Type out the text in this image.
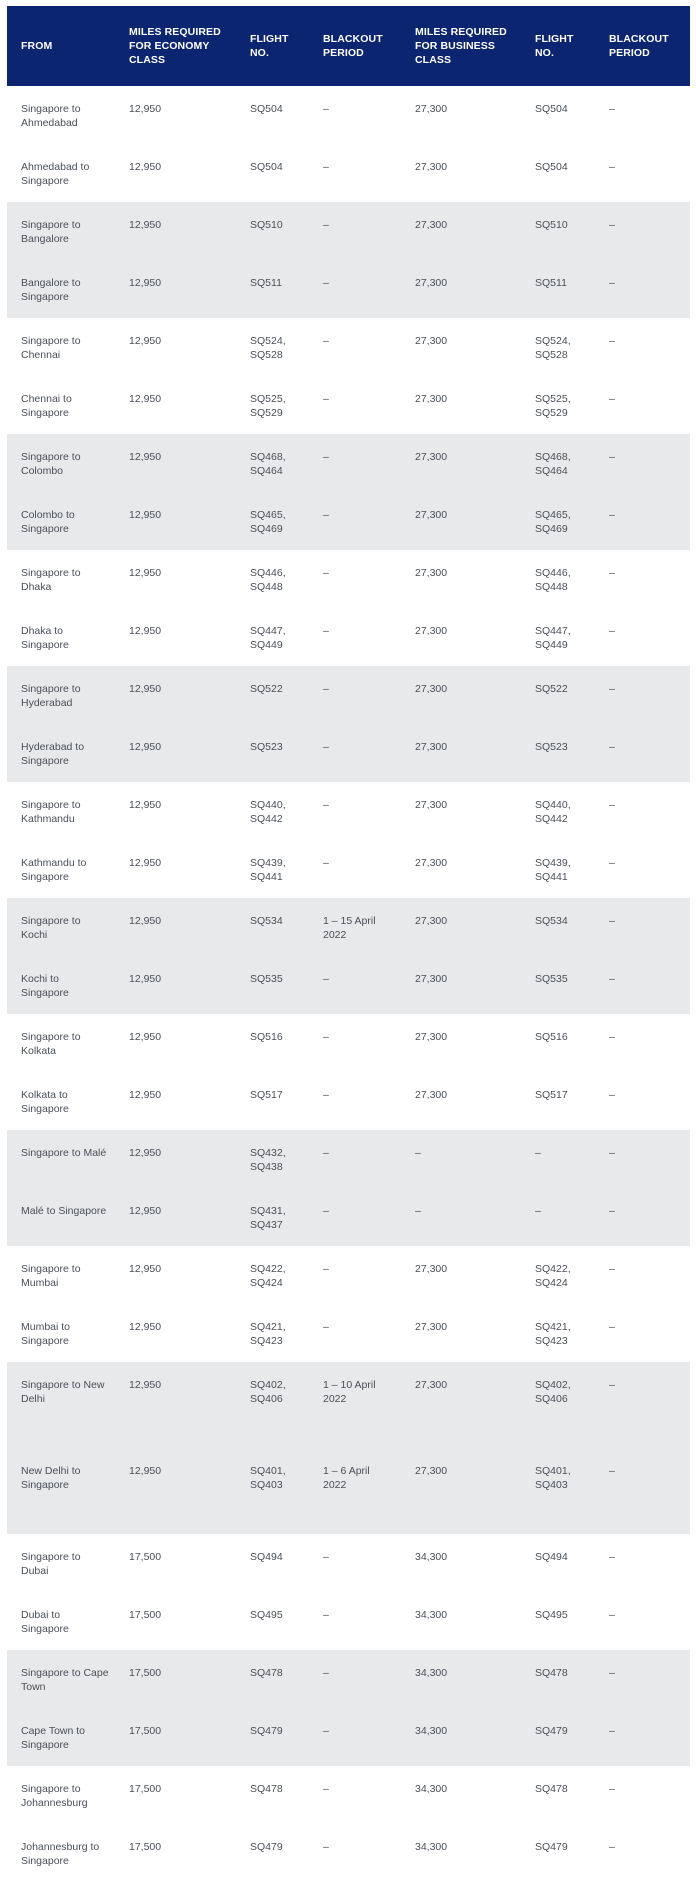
FROM	MILES REQUIRED FOR ECONOMY CLASS	FLIGHT NO.	BLACKOUT PERIOD	MILES REQUIRED FOR BUSINESS CLASS	FLIGHT NO.	BLACKOUT PERIOD
Singapore to Ahmedabad	12,950	SQ504	–	27,300	SQ504	–
Ahmedabad to Singapore	12,950	SQ504	–	27,300	SQ504	–
Singapore to Bangalore	12,950	SQ510	–	27,300	SQ510	–
Bangalore to Singapore	12,950	SQ511	–	27,300	SQ511	–
Singapore to Chennai	12,950	SQ524, SQ528	–	27,300	SQ524, SQ528	–
Chennai to Singapore	12,950	SQ525, SQ529	–	27,300	SQ525, SQ529	–
Singapore to Colombo	12,950	SQ468, SQ464	–	27,300	SQ468, SQ464	–
Colombo to Singapore	12,950	SQ465, SQ469	–	27,300	SQ465, SQ469	–
Singapore to Dhaka	12,950	SQ446, SQ448	–	27,300	SQ446, SQ448	–
Dhaka to Singapore	12,950	SQ447, SQ449	–	27,300	SQ447, SQ449	–
Singapore to Hyderabad	12,950	SQ522	–	27,300	SQ522	–
Hyderabad to Singapore	12,950	SQ523	–	27,300	SQ523	–
Singapore to Kathmandu	12,950	SQ440, SQ442	–	27,300	SQ440, SQ442	–
Kathmandu to Singapore	12,950	SQ439, SQ441	–	27,300	SQ439, SQ441	–
Singapore to Kochi	12,950	SQ534	1 – 15 April 2022	27,300	SQ534	–
Kochi to Singapore	12,950	SQ535	–	27,300	SQ535	–
Singapore to Kolkata	12,950	SQ516	–	27,300	SQ516	–
Kolkata to Singapore	12,950	SQ517	–	27,300	SQ517	–
Singapore to Malé	12,950	SQ432, SQ438	–	–	–	–
Malé to Singapore	12,950	SQ431, SQ437	–	–	–	–
Singapore to Mumbai	12,950	SQ422, SQ424	–	27,300	SQ422, SQ424	–
Mumbai to Singapore	12,950	SQ421, SQ423	–	27,300	SQ421, SQ423	–
Singapore to New Delhi	12,950	SQ402, SQ406	1 – 10 April 2022	27,300	SQ402, SQ406	–
New Delhi to Singapore	12,950	SQ401, SQ403	1 – 6 April 2022	27,300	SQ401, SQ403	–
Singapore to Dubai	17,500	SQ494	–	34,300	SQ494	–
Dubai to Singapore	17,500	SQ495	–	34,300	SQ495	–
Singapore to Cape Town	17,500	SQ478	–	34,300	SQ478	–
Cape Town to Singapore	17,500	SQ479	–	34,300	SQ479	–
Singapore to Johannesburg	17,500	SQ478	–	34,300	SQ478	–
Johannesburg to Singapore	17,500	SQ479	–	34,300	SQ479	–
